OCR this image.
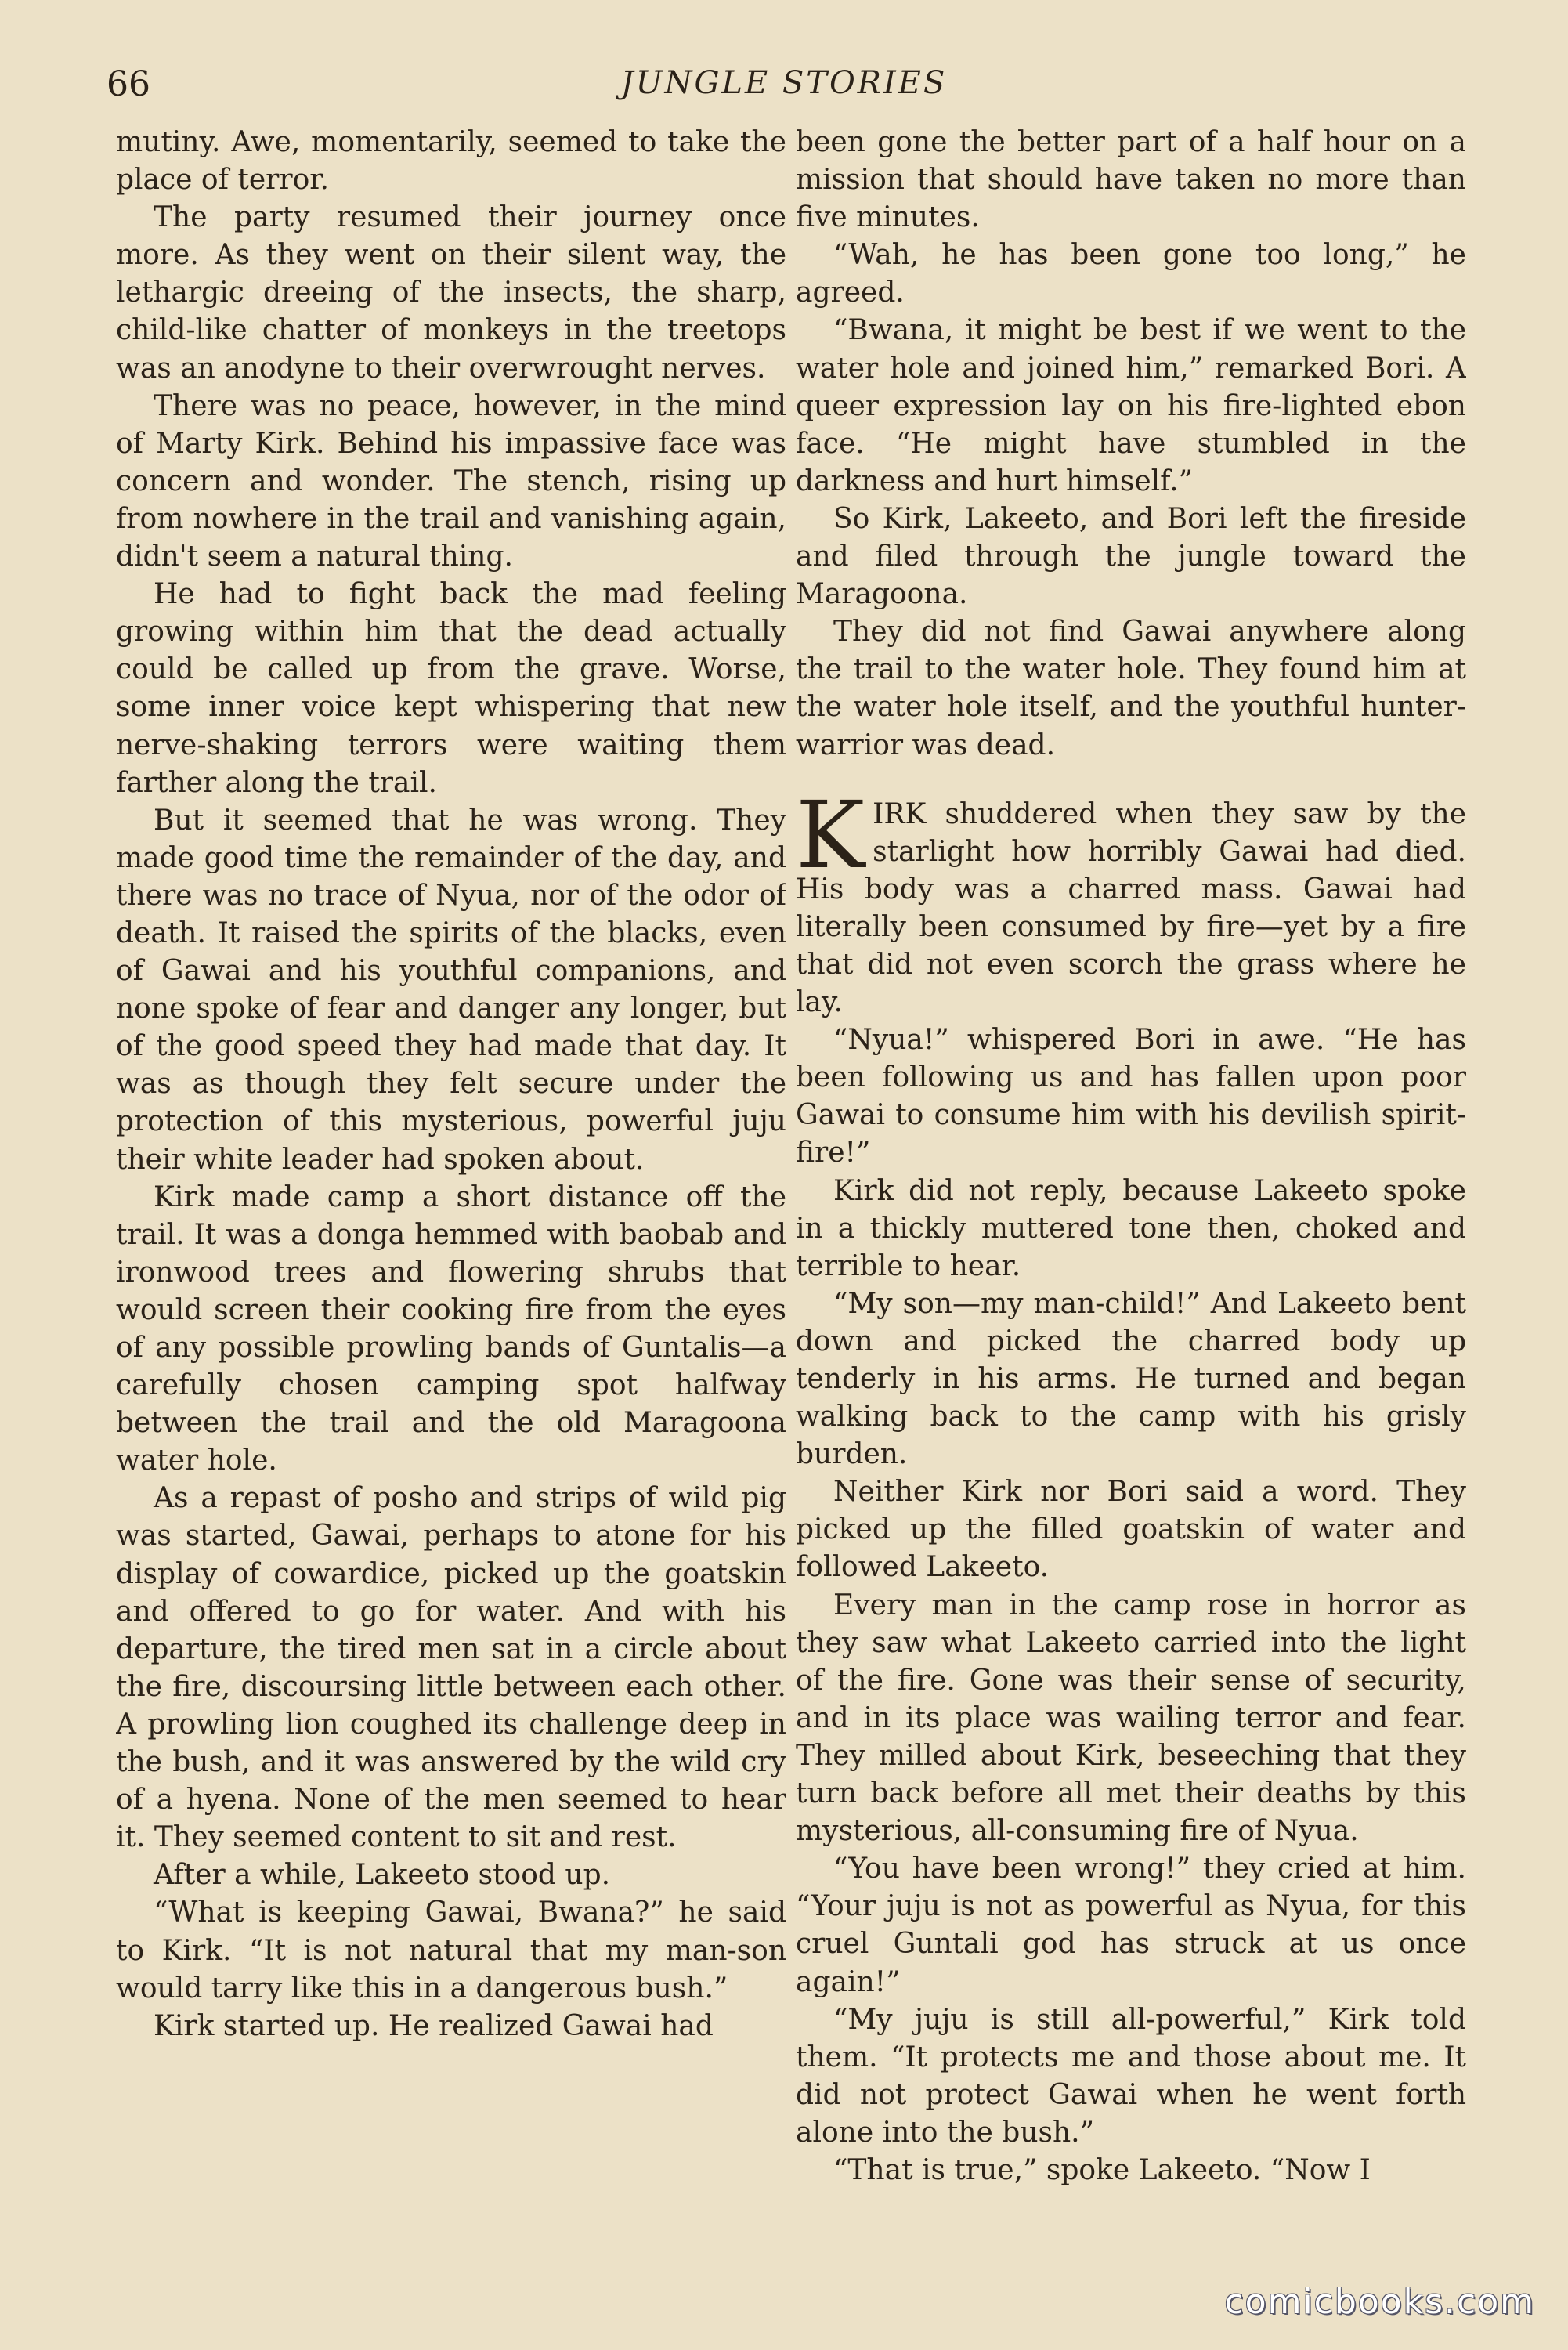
66	JUNGLE STORIES

mutiny. Awe, momentarily, seemed to take the place of terror.

The party resumed their journey once more. As they went on their silent way, the lethargic dreeing of the insects, the sharp, child-like chatter of monkeys in the treetops was an anodyne to their overwrought nerves.

There was no peace, however, in the mind of Marty Kirk. Behind his impassive face was concern and wonder. The stench, rising up from nowhere in the trail and vanishing again, didn't seem a natural thing.

He had to fight back the mad feeling growing within him that the dead actually could be called up from the grave. Worse, some inner voice kept whispering that new nerve-shaking terrors were waiting them farther along the trail.

But it seemed that he was wrong. They made good time the remainder of the day, and there was no trace of Nyua, nor of the odor of death. It raised the spirits of the blacks, even of Gawai and his youthful companions, and none spoke of fear and danger any longer, but of the good speed they had made that day. It was as though they felt secure under the protection of this mysterious, powerful juju their white leader had spoken about.

Kirk made camp a short distance off the trail. It was a donga hemmed with baobab and ironwood trees and flowering shrubs that would screen their cooking fire from the eyes of any possible prowling bands of Guntalis—a carefully chosen camping spot halfway between the trail and the old Maragoona water hole.

As a repast of posho and strips of wild pig was started, Gawai, perhaps to atone for his display of cowardice, picked up the goatskin and offered to go for water. And with his departure, the tired men sat in a circle about the fire, discoursing little between each other. A prowling lion coughed its challenge deep in the bush, and it was answered by the wild cry of a hyena. None of the men seemed to hear it. They seemed content to sit and rest.

After a while, Lakeeto stood up.

“What is keeping Gawai, Bwana?” he said to Kirk. “It is not natural that my man-son would tarry like this in a dangerous bush.”

Kirk started up. He realized Gawai had

been gone the better part of a half hour on a mission that should have taken no more than five minutes.

“Wah, he has been gone too long,” he agreed.

“Bwana, it might be best if we went to the water hole and joined him,” remarked Bori. A queer expression lay on his fire-lighted ebon face. “He might have stumbled in the darkness and hurt himself.”

So Kirk, Lakeeto, and Bori left the fireside and filed through the jungle toward the Maragoona.

They did not find Gawai anywhere along the trail to the water hole. They found him at the water hole itself, and the youthful hunter-warrior was dead.

KIRK shuddered when they saw by the starlight how horribly Gawai had died. His body was a charred mass. Gawai had literally been consumed by fire—yet by a fire that did not even scorch the grass where he lay.

“Nyua!” whispered Bori in awe. “He has been following us and has fallen upon poor Gawai to consume him with his devilish spirit-fire!”

Kirk did not reply, because Lakeeto spoke in a thickly muttered tone then, choked and terrible to hear.

“My son—my man-child!” And Lakeeto bent down and picked the charred body up tenderly in his arms. He turned and began walking back to the camp with his grisly burden.

Neither Kirk nor Bori said a word. They picked up the filled goatskin of water and followed Lakeeto.

Every man in the camp rose in horror as they saw what Lakeeto carried into the light of the fire. Gone was their sense of security, and in its place was wailing terror and fear. They milled about Kirk, beseeching that they turn back before all met their deaths by this mysterious, all-consuming fire of Nyua.

“You have been wrong!” they cried at him. “Your juju is not as powerful as Nyua, for this cruel Guntali god has struck at us once again!”

“My juju is still all-powerful,” Kirk told them. “It protects me and those about me. It did not protect Gawai when he went forth alone into the bush.”

“That is true,” spoke Lakeeto. “Now I

comicbooks.com
